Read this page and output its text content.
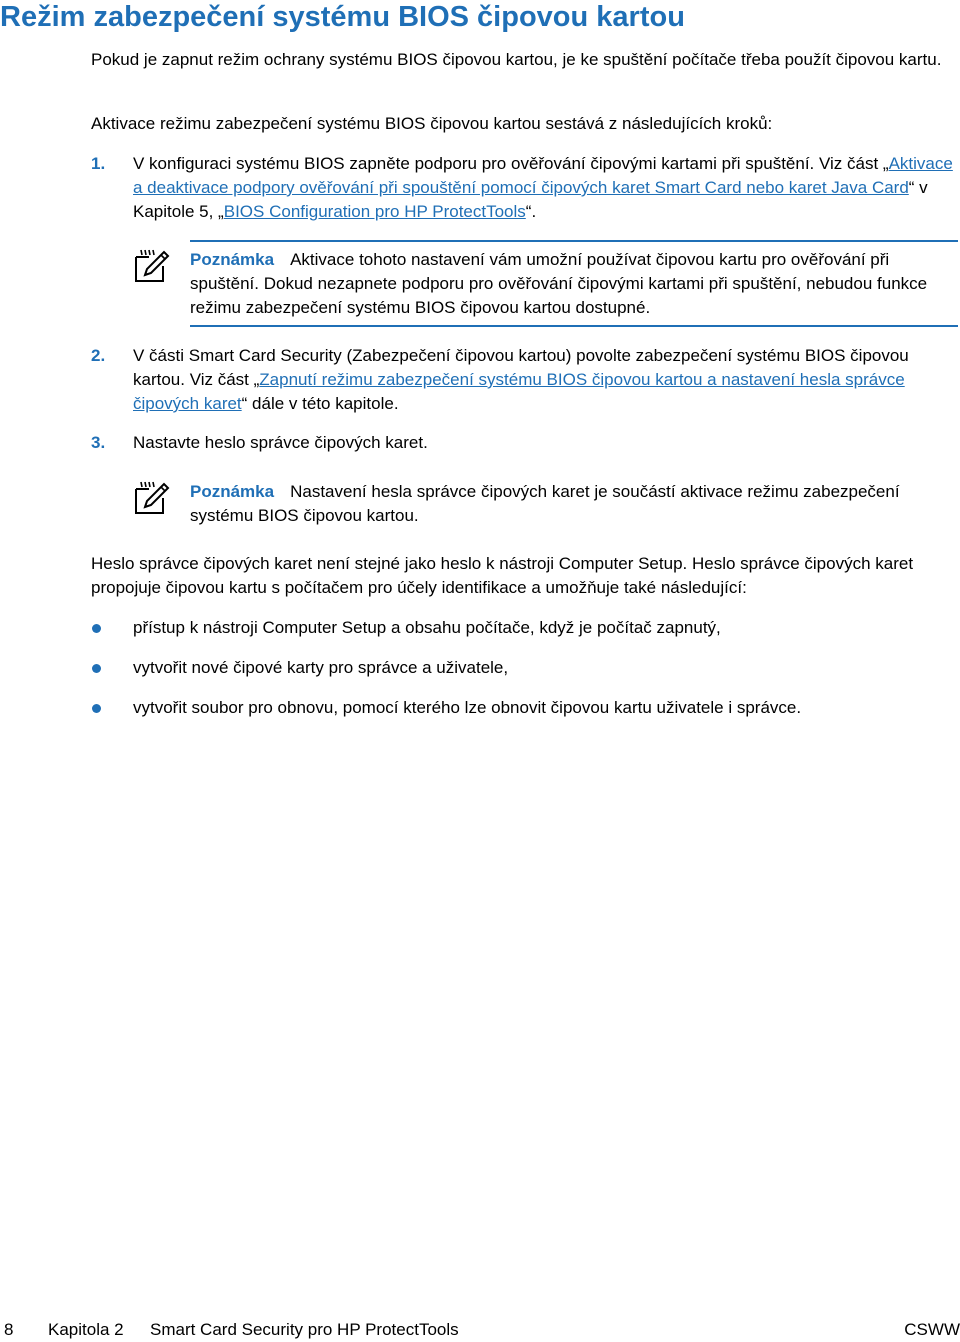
Režim zabezpečení systému BIOS čipovou kartou

Pokud je zapnut režim ochrany systému BIOS čipovou kartou, je ke spuštění počítače třeba použít čipovou kartu.

Aktivace režimu zabezpečení systému BIOS čipovou kartou sestává z následujících kroků:

1. V konfiguraci systému BIOS zapněte podporu pro ověřování čipovými kartami při spuštění. Viz část „Aktivace a deaktivace podpory ověřování při spouštění pomocí čipových karet Smart Card nebo karet Java Card“ v Kapitole 5, „BIOS Configuration pro HP ProtectTools“.
Poznámka Aktivace tohoto nastavení vám umožní používat čipovou kartu pro ověřování při spuštění. Dokud nezapnete podporu pro ověřování čipovými kartami při spuštění, nebudou funkce režimu zabezpečení systému BIOS čipovou kartou dostupné.
2. V části Smart Card Security (Zabezpečení čipovou kartou) povolte zabezpečení systému BIOS čipovou kartou. Viz část „Zapnutí režimu zabezpečení systému BIOS čipovou kartou a nastavení hesla správce čipových karet“ dále v této kapitole.
3. Nastavte heslo správce čipových karet.
Poznámka Nastavení hesla správce čipových karet je součástí aktivace režimu zabezpečení systému BIOS čipovou kartou.

Heslo správce čipových karet není stejné jako heslo k nástroji Computer Setup. Heslo správce čipových karet propojuje čipovou kartu s počítačem pro účely identifikace a umožňuje také následující:

přístup k nástroji Computer Setup a obsahu počítače, když je počítač zapnutý,
vytvořit nové čipové karty pro správce a uživatele,
vytvořit soubor pro obnovu, pomocí kterého lze obnovit čipovou kartu uživatele i správce.
8 Kapitola 2 Smart Card Security pro HP ProtectTools	CSWW
